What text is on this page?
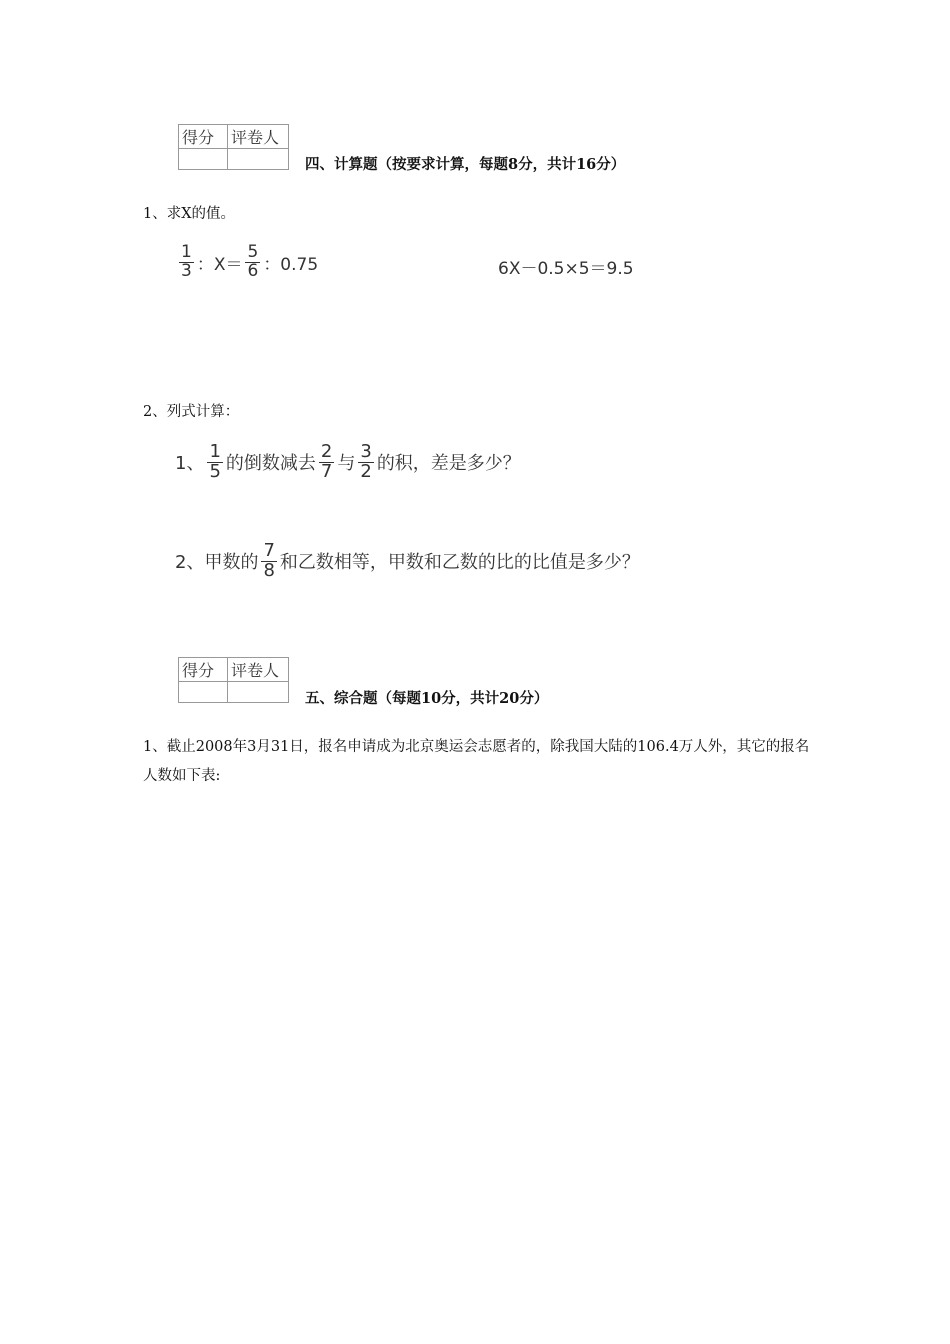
得分	评卷人

四、计算题（按要求计算，每题8分，共计16分）
1、求X的值。
$\frac{1}{3}$ ：$X= \frac{5}{6}$ ：0.75	6X－0.5×5＝9.5
2、列式计算：
1、 $\frac{1}{5}$ 的倒数减去 $\frac{2}{7}$ 与 $\frac{3}{2}$ 的积，差是多少？
2、甲数的 $\frac{7}{8}$ 和乙数相等，甲数和乙数的比的比值是多少？
得分	评卷人

五、综合题（每题10分，共计20分）
1、截止2008年3月31日，报名申请成为北京奥运会志愿者的，除我国大陆的106.4万人外，其它的报名人数如下表:
